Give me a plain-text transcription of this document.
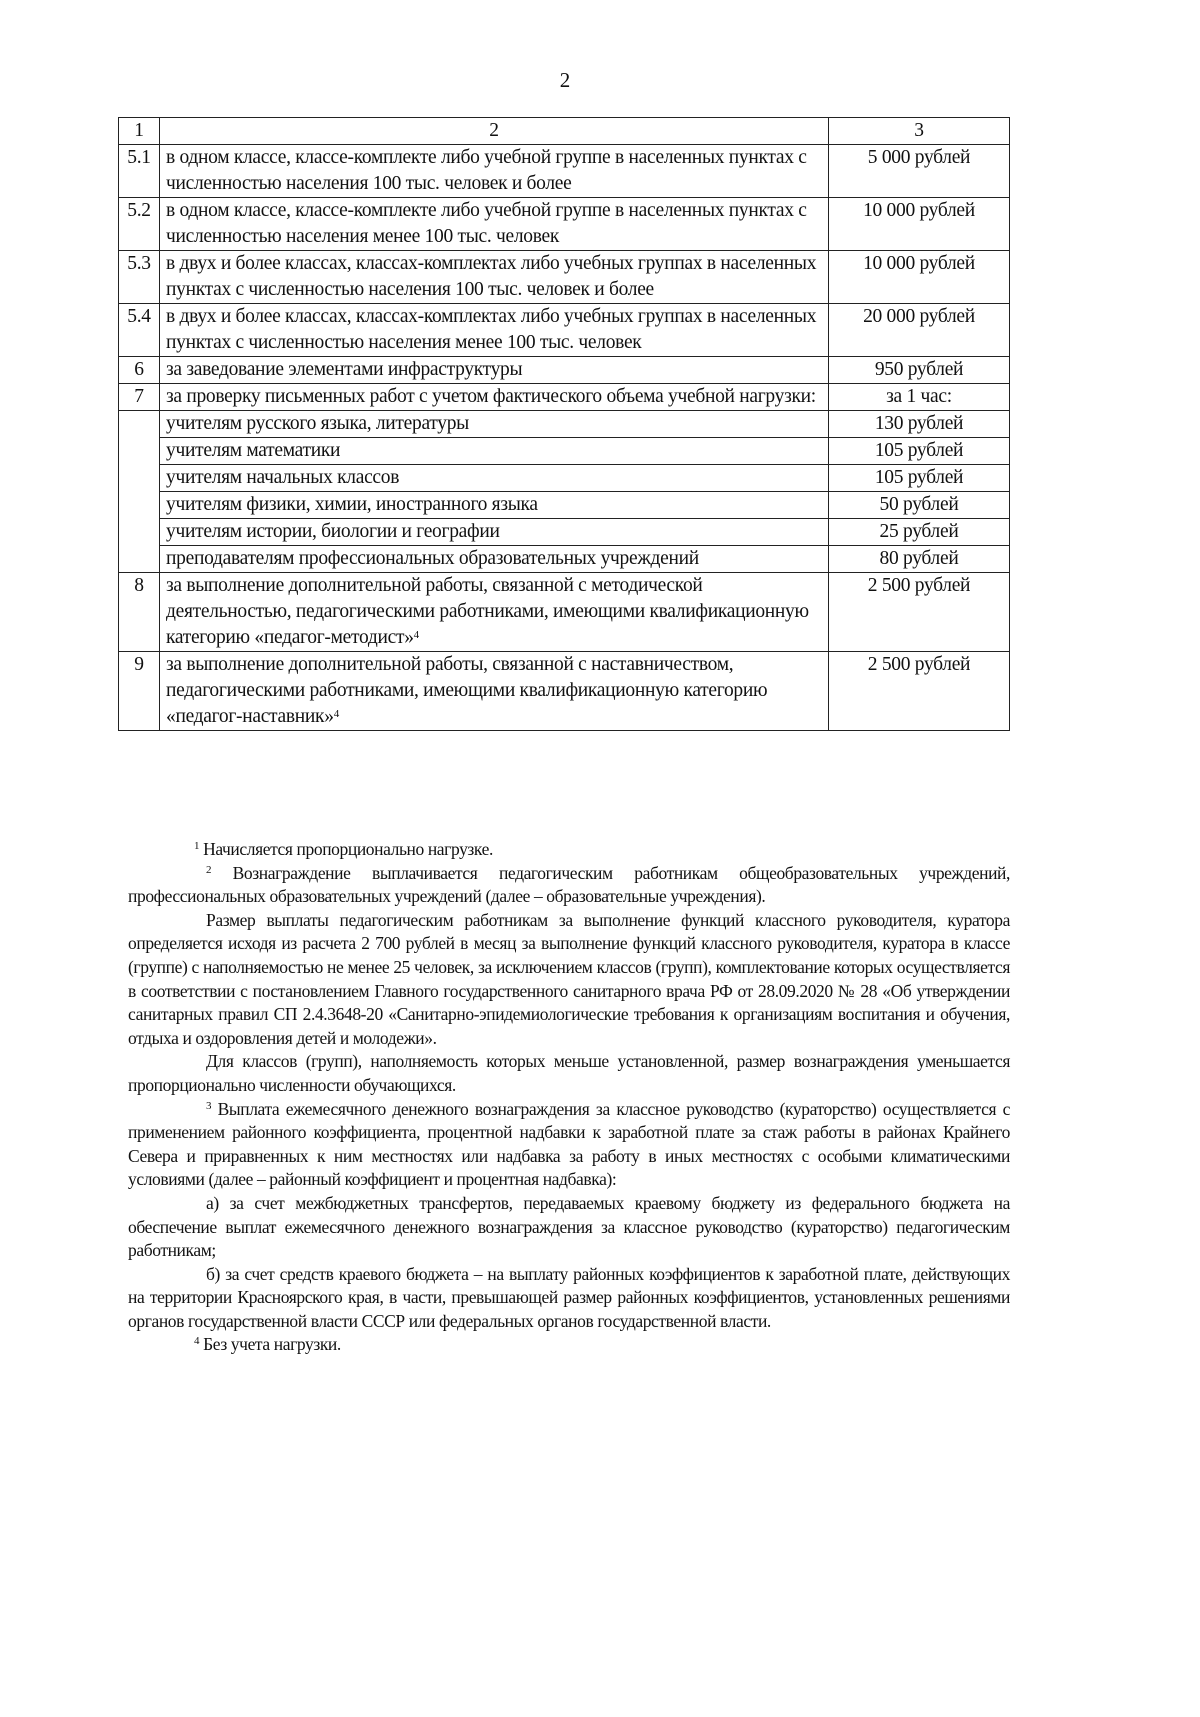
2
1	2	3
5.1	в одном классе, классе-комплекте либо учебной группе в населенных пунктах с численностью населения 100 тыс. человек и более	5 000 рублей
5.2	в одном классе, классе-комплекте либо учебной группе в населенных пунктах с численностью населения менее 100 тыс. человек	10 000 рублей
5.3	в двух и более классах, классах-комплектах либо учебных группах в населенных пунктах с численностью населения 100 тыс. человек и более	10 000 рублей
5.4	в двух и более классах, классах-комплектах либо учебных группах в населенных пунктах с численностью населения менее 100 тыс. человек	20 000 рублей
6	за заведование элементами инфраструктуры	950 рублей
7	за проверку письменных работ с учетом фактического объема учебной нагрузки:	за 1 час:
	учителям русского языка, литературы	130 рублей
	учителям математики	105 рублей
	учителям начальных классов	105 рублей
	учителям физики, химии, иностранного языка	50 рублей
	учителям истории, биологии и географии	25 рублей
	преподавателям профессиональных образовательных учреждений	80 рублей
8	за выполнение дополнительной работы, связанной с методической деятельностью, педагогическими работниками, имеющими квалификационную категорию «педагог-методист»$^4$	2 500 рублей
9	за выполнение дополнительной работы, связанной с наставничеством, педагогическими работниками, имеющими квалификационную категорию «педагог-наставник»$^4$	2 500 рублей

$^1$ Начисляется пропорционально нагрузке.

$^2$ Вознаграждение выплачивается педагогическим работникам общеобразовательных учреждений, профессиональных образовательных учреждений (далее – образовательные учреждения).

Размер выплаты педагогическим работникам за выполнение функций классного руководителя, куратора определяется исходя из расчета 2 700 рублей в месяц за выполнение функций классного руководителя, куратора в классе (группе) с наполняемостью не менее 25 человек, за исключением классов (групп), комплектование которых осуществляется в соответствии с постановлением Главного государственного санитарного врача РФ от 28.09.2020 № 28 «Об утверждении санитарных правил СП 2.4.3648-20 «Санитарно-эпидемиологические требования к организациям воспитания и обучения, отдыха и оздоровления детей и молодежи».

Для классов (групп), наполняемость которых меньше установленной, размер вознаграждения уменьшается пропорционально численности обучающихся.

$^3$ Выплата ежемесячного денежного вознаграждения за классное руководство (кураторство) осуществляется с применением районного коэффициента, процентной надбавки к заработной плате за стаж работы в районах Крайнего Севера и приравненных к ним местностях или надбавка за работу в иных местностях с особыми климатическими условиями (далее – районный коэффициент и процентная надбавка):

а) за счет межбюджетных трансфертов, передаваемых краевому бюджету из федерального бюджета на обеспечение выплат ежемесячного денежного вознаграждения за классное руководство (кураторство) педагогическим работникам;

б) за счет средств краевого бюджета – на выплату районных коэффициентов к заработной плате, действующих на территории Красноярского края, в части, превышающей размер районных коэффициентов, установленных решениями органов государственной власти СССР или федеральных органов государственной власти.

$^4$ Без учета нагрузки.
